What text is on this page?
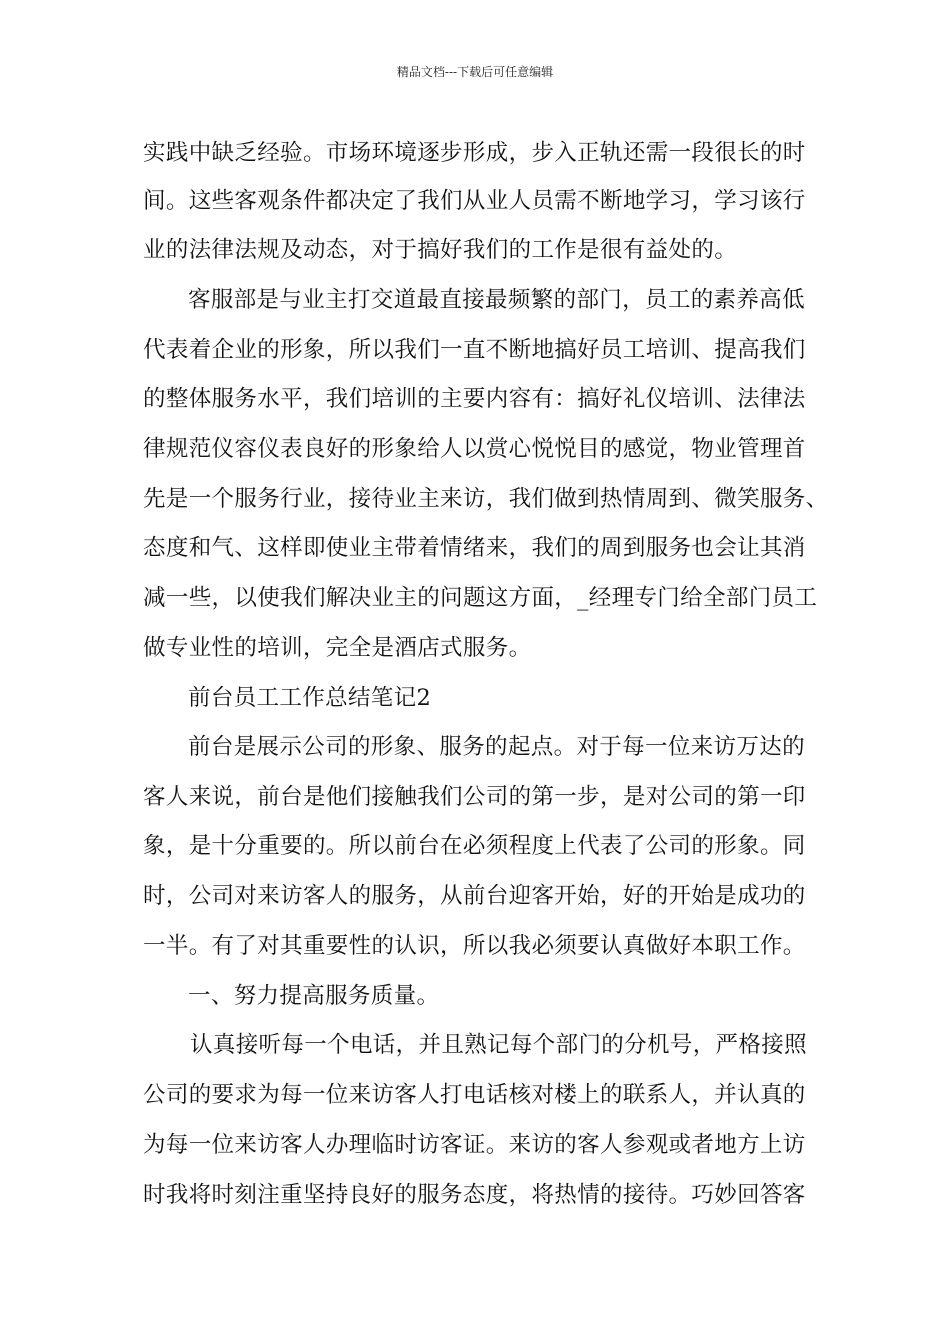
精品文档---下载后可任意编辑
实践中缺乏经验。市场环境逐步形成，步入正轨还需一段很长的时
间。这些客观条件都决定了我们从业人员需不断地学习，学习该行
业的法律法规及动态，对于搞好我们的工作是很有益处的。
客服部是与业主打交道最直接最频繁的部门，员工的素养高低
代表着企业的形象，所以我们一直不断地搞好员工培训、提高我们
的整体服务水平，我们培训的主要内容有：搞好礼仪培训、法律法
律规范仪容仪表良好的形象给人以赏心悦悦目的感觉，物业管理首
先是一个服务行业，接待业主来访，我们做到热情周到、微笑服务、
态度和气、这样即使业主带着情绪来，我们的周到服务也会让其消
减一些，以使我们解决业主的问题这方面，_经理专门给全部门员工
做专业性的培训，完全是酒店式服务。
前台员工工作总结笔记2
前台是展示公司的形象、服务的起点。对于每一位来访万达的
客人来说，前台是他们接触我们公司的第一步，是对公司的第一印
象，是十分重要的。所以前台在必须程度上代表了公司的形象。同
时，公司对来访客人的服务，从前台迎客开始，好的开始是成功的
一半。有了对其重要性的认识，所以我必须要认真做好本职工作。
一、努力提高服务质量。
认真接听每一个电话，并且熟记每个部门的分机号，严格接照
公司的要求为每一位来访客人打电话核对楼上的联系人，并认真的
为每一位来访客人办理临时访客证。来访的客人参观或者地方上访
时我将时刻注重坚持良好的服务态度，将热情的接待。巧妙回答客
